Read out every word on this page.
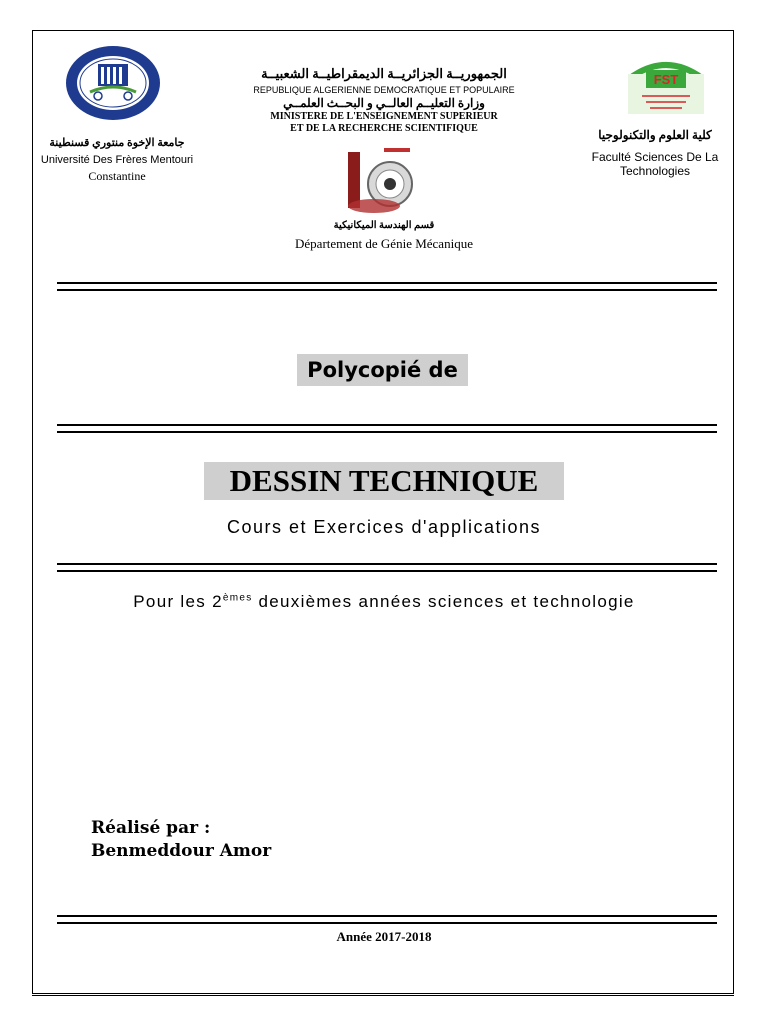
جامعة الإخوة منتوري قسنطينة
Université Des Frères Mentouri
Constantine
الجمهوريــة الجزائريــة الديمقراطيــة الشعبيــة
REPUBLIQUE ALGERIENNE DEMOCRATIQUE ET POPULAIRE
وزارة التعليــم العالــي و البحــث العلمــي
MINISTERE DE L'ENSEIGNEMENT SUPERIEUR
ET DE LA RECHERCHE SCIENTIFIQUE
قسم الهندسة الميكانيكية
Département de Génie Mécanique
FST
كلية العلوم والتكنولوجيا
Faculté Sciences De La Technologies
Polycopié de
DESSIN TECHNIQUE
Cours et Exercices d'applications
Pour les 2èmes deuxièmes années sciences et technologie
Réalisé par :
Benmeddour Amor
Année 2017-2018
